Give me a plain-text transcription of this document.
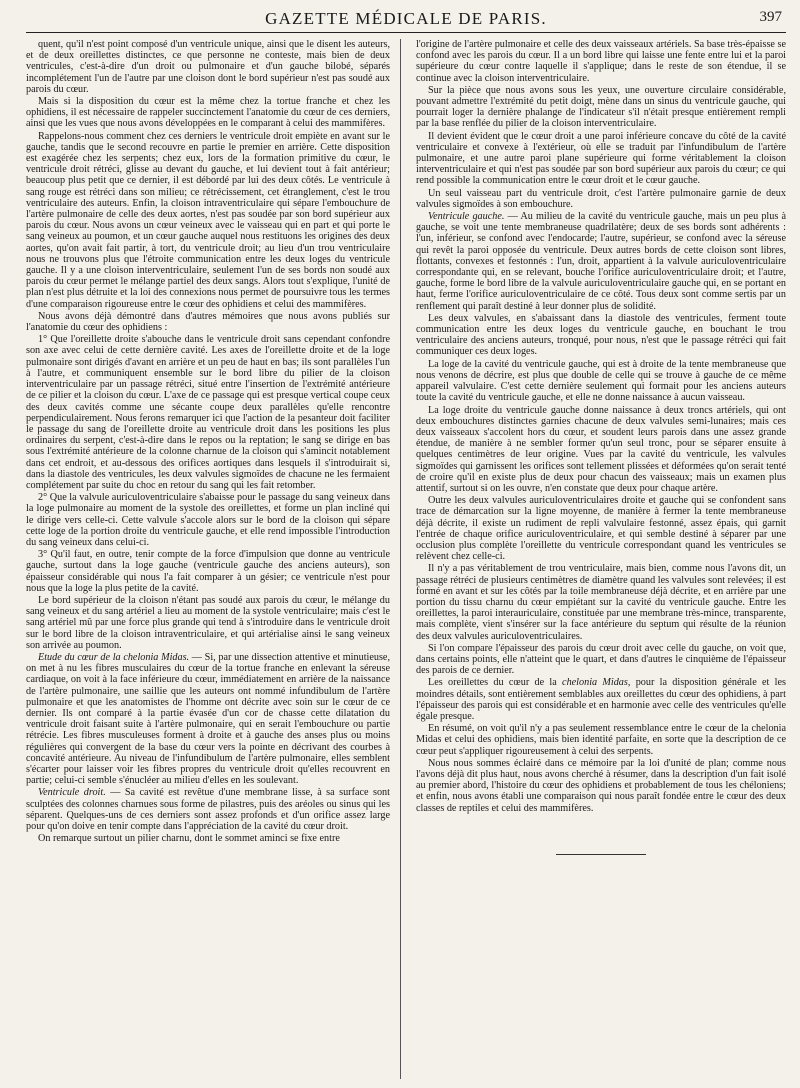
GAZETTE MÉDICALE DE PARIS.	397

quent, qu'il n'est point composé d'un ventricule unique, ainsi que le disent les auteurs, et de deux oreillettes distinctes, ce que personne ne conteste, mais bien de deux ventricules, c'est-à-dire d'un droit ou pulmonaire et d'un gauche bilobé, séparés incomplétement l'un de l'autre par une cloison dont le bord supérieur n'est pas soudé aux parois du cœur.

Mais si la disposition du cœur est la même chez la tortue franche et chez les ophidiens, il est nécessaire de rappeler succinctement l'anatomie du cœur de ces derniers, ainsi que les vues que nous avons développées en le comparant à celui des mammifères.

Rappelons-nous comment chez ces derniers le ventricule droit empiète en avant sur le gauche, tandis que le second recouvre en partie le premier en arrière. Cette disposition est exagérée chez les serpents; chez eux, lors de la formation primitive du cœur, le ventricule droit rétréci, glisse au devant du gauche, et lui devient tout à fait antérieur; beaucoup plus petit que ce dernier, il est débordé par lui des deux côtés. Le ventricule à sang rouge est rétréci dans son milieu; ce rétrécissement, cet étranglement, c'est le trou ventriculaire des auteurs. Enfin, la cloison intraventriculaire qui sépare l'embouchure de l'artère pulmonaire de celle des deux aortes, n'est pas soudée par son bord supérieur aux parois du cœur. Nous avons un cœur veineux avec le vaisseau qui en part et qui porte le sang veineux au poumon, et un cœur gauche auquel nous restituons les origines des deux aortes, qu'on avait fait partir, à tort, du ventricule droit; au lieu d'un trou ventriculaire nous ne trouvons plus que l'étroite communication entre les deux loges du ventricule gauche. Il y a une cloison interventriculaire, seulement l'un de ses bords non soudé aux parois du cœur permet le mélange partiel des deux sangs. Alors tout s'explique, l'unité de plan n'est plus détruite et la loi des connexions nous permet de poursuivre tous les termes d'une comparaison rigoureuse entre le cœur des ophidiens et celui des mammifères.

Nous avons déjà démontré dans d'autres mémoires que nous avons publiés sur l'anatomie du cœur des ophidiens :

1° Que l'oreillette droite s'abouche dans le ventricule droit sans cependant confondre son axe avec celui de cette dernière cavité. Les axes de l'oreillette droite et de la loge pulmonaire sont dirigés d'avant en arrière et un peu de haut en bas; ils sont parallèles l'un à l'autre, et communiquent ensemble sur le bord libre du pilier de la cloison interventriculaire par un passage rétréci, situé entre l'insertion de l'extrémité antérieure de ce pilier et la cloison du cœur. L'axe de ce passage qui est presque vertical coupe ceux des deux cavités comme une sécante coupe deux parallèles qu'elle rencontre perpendiculairement. Nous ferons remarquer ici que l'action de la pesanteur doit faciliter le passage du sang de l'oreillette droite au ventricule droit dans les positions les plus ordinaires du serpent, c'est-à-dire dans le repos ou la reptation; le sang se dirige en bas sous l'extrémité antérieure de la colonne charnue de la cloison qui s'amincit notablement dans cet endroit, et au-dessous des orifices aortiques dans lesquels il s'introduirait si, dans la diastole des ventricules, les deux valvules sigmoïdes de chacune ne les fermaient complétement par suite du choc en retour du sang qui les fait retomber.

2° Que la valvule auriculoventriculaire s'abaisse pour le passage du sang veineux dans la loge pulmonaire au moment de la systole des oreillettes, et forme un plan incliné qui le dirige vers celle-ci. Cette valvule s'accole alors sur le bord de la cloison qui sépare cette loge de la portion droite du ventricule gauche, et elle rend impossible l'introduction du sang veineux dans celui-ci.

3° Qu'il faut, en outre, tenir compte de la force d'impulsion que donne au ventricule gauche, surtout dans la loge gauche (ventricule gauche des anciens auteurs), son épaisseur considérable qui nous l'a fait comparer à un gésier; ce ventricule n'est pour nous que la loge la plus petite de la cavité.

Le bord supérieur de la cloison n'étant pas soudé aux parois du cœur, le mélange du sang veineux et du sang artériel a lieu au moment de la systole ventriculaire; mais c'est le sang artériel mû par une force plus grande qui tend à s'introduire dans le ventricule droit sur le bord libre de la cloison intraventriculaire, et qui artérialise ainsi le sang veineux son arrivée au poumon.

Etude du cœur de la chelonia Midas. — Si, par une dissection attentive et minutieuse, on met à nu les fibres musculaires du cœur de la tortue franche en enlevant la séreuse cardiaque, on voit à la face inférieure du cœur, immédiatement en arrière de la naissance de l'artère pulmonaire, une saillie que les auteurs ont nommé infundibulum de l'artère pulmonaire et que les anatomistes de l'homme ont décrite avec soin sur le cœur de ce dernier. Ils ont comparé à la partie évasée d'un cor de chasse cette dilatation du ventricule droit faisant suite à l'artère pulmonaire, qui en serait l'embouchure ou partie rétrécie. Les fibres musculeuses forment à droite et à gauche des anses plus ou moins régulières qui convergent de la base du cœur vers la pointe en décrivant des courbes à concavité antérieure. Au niveau de l'infundibulum de l'artère pulmonaire, elles semblent s'écarter pour laisser voir les fibres propres du ventricule droit qu'elles recouvrent en partie; celui-ci semble s'énucléer au milieu d'elles en les soulevant.

Ventricule droit. — Sa cavité est revêtue d'une membrane lisse, à sa surface sont sculptées des colonnes charnues sous forme de pilastres, puis des aréoles ou sinus qui les séparent. Quelques-uns de ces derniers sont assez profonds et d'un orifice assez large pour qu'on doive en tenir compte dans l'appréciation de la cavité du cœur droit.

On remarque surtout un pilier charnu, dont le sommet aminci se fixe entre

l'origine de l'artère pulmonaire et celle des deux vaisseaux artériels. Sa base très-épaisse se confond avec les parois du cœur. Il a un bord libre qui laisse une fente entre lui et la paroi supérieure du cœur contre laquelle il s'applique; dans le reste de son étendue, il se continue avec la cloison interventriculaire.

Sur la pièce que nous avons sous les yeux, une ouverture circulaire considérable, pouvant admettre l'extrémité du petit doigt, mène dans un sinus du ventricule gauche, qui pourrait loger la dernière phalange de l'indicateur s'il n'était presque entièrement rempli par la base renflée du pilier de la cloison interventriculaire.

Il devient évident que le cœur droit a une paroi inférieure concave du côté de la cavité ventriculaire et convexe à l'extérieur, où elle se traduit par l'infundibulum de l'artère pulmonaire, et une autre paroi plane supérieure qui forme véritablement la cloison interventriculaire et qui n'est pas soudée par son bord supérieur aux parois du cœur; ce qui rend possible la communication entre le cœur droit et le cœur gauche.

Un seul vaisseau part du ventricule droit, c'est l'artère pulmonaire garnie de deux valvules sigmoïdes à son embouchure.

Ventricule gauche. — Au milieu de la cavité du ventricule gauche, mais un peu plus à gauche, se voit une tente membraneuse quadrilatère; deux de ses bords sont adhérents : l'un, inférieur, se confond avec l'endocarde; l'autre, supérieur, se confond avec la séreuse qui revêt la paroi opposée du ventricule. Deux autres bords de cette cloison sont libres, flottants, convexes et festonnés : l'un, droit, appartient à la valvule auriculoventriculaire correspondante qui, en se relevant, bouche l'orifice auriculoventriculaire droit; et l'autre, gauche, forme le bord libre de la valvule auriculoventriculaire gauche qui, en se portant en haut, ferme l'orifice auriculoventriculaire de ce côté. Tous deux sont comme sertis par un renflement qui paraît destiné à leur donner plus de solidité.

Les deux valvules, en s'abaissant dans la diastole des ventricules, ferment toute communication entre les deux loges du ventricule gauche, en bouchant le trou ventriculaire des anciens auteurs, tronqué, pour nous, n'est que le passage rétréci qui fait communiquer ces deux loges.

La loge de la cavité du ventricule gauche, qui est à droite de la tente membraneuse que nous venons de décrire, est plus que double de celle qui se trouve à gauche de ce même appareil valvulaire. C'est cette dernière seulement qui formait pour les anciens auteurs toute la cavité du ventricule gauche, et elle ne donne naissance à aucun vaisseau.

La loge droite du ventricule gauche donne naissance à deux troncs artériels, qui ont deux embouchures distinctes garnies chacune de deux valvules semi-lunaires; mais ces deux vaisseaux s'accolent hors du cœur, et soudent leurs parois dans une assez grande étendue, de manière à ne sembler former qu'un seul tronc, pour se séparer ensuite à quelques centimètres de leur origine. Vues par la cavité du ventricule, les valvules sigmoïdes qui garnissent les orifices sont tellement plissées et déformées qu'on serait tenté de croire qu'il en existe plus de deux pour chacun des vaisseaux; mais un examen plus attentif, surtout si on les ouvre, n'en constate que deux pour chaque artère.

Outre les deux valvules auriculoventriculaires droite et gauche qui se confondent sans trace de démarcation sur la ligne moyenne, de manière à fermer la tente membraneuse déjà décrite, il existe un rudiment de repli valvulaire festonné, assez épais, qui garnit l'entrée de chaque orifice auriculoventriculaire, et qui semble destiné à séparer par une occlusion plus complète l'oreillette du ventricule correspondant quand les ventricules se relèvent chez celle-ci.

Il n'y a pas véritablement de trou ventriculaire, mais bien, comme nous l'avons dit, un passage rétréci de plusieurs centimètres de diamètre quand les valvules sont relevées; il est formé en avant et sur les côtés par la toile membraneuse déjà décrite, et en arrière par une portion du tissu charnu du cœur empiétant sur la cavité du ventricule gauche. Entre les oreillettes, la paroi interauriculaire, constituée par une membrane très-mince, transparente, mais complète, vient s'insérer sur la face antérieure du septum qui résulte de la réunion des deux valvules auriculoventriculaires.

Si l'on compare l'épaisseur des parois du cœur droit avec celle du gauche, on voit que, dans certains points, elle n'atteint que le quart, et dans d'autres le cinquième de l'épaisseur des parois de ce dernier.

Les oreillettes du cœur de la chelonia Midas, pour la disposition générale et les moindres détails, sont entièrement semblables aux oreillettes du cœur des ophidiens, à part l'épaisseur des parois qui est considérable et en harmonie avec celle des ventricules qu'elle égale presque.

En résumé, on voit qu'il n'y a pas seulement ressemblance entre le cœur de la chelonia Midas et celui des ophidiens, mais bien identité parfaite, en sorte que la description de ce cœur peut s'appliquer rigoureusement à celui des serpents.

Nous nous sommes éclairé dans ce mémoire par la loi d'unité de plan; comme nous l'avons déjà dit plus haut, nous avons cherché à résumer, dans la description d'un fait isolé au premier abord, l'histoire du cœur des ophidiens et probablement de tous les chéloniens; et enfin, nous avons établi une comparaison qui nous paraît fondée entre le cœur des deux classes de reptiles et celui des mammifères.
